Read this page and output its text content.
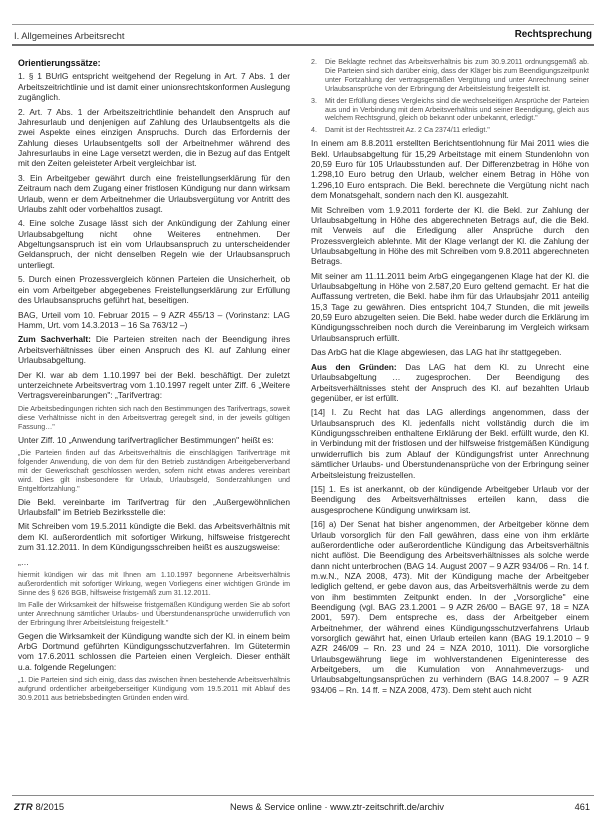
I. Allgemeines Arbeitsrecht	Rechtsprechung
Orientierungssätze:

1. § 1 BUrlG entspricht weitgehend der Regelung in Art. 7 Abs. 1 der Arbeitszeitrichtlinie und ist damit einer unionsrechtskonformen Auslegung zugänglich.

2. Art. 7 Abs. 1 der Arbeitszeitrichtlinie behandelt den Anspruch auf Jahresurlaub und denjenigen auf Zahlung des Urlaubsentgelts als die zwei Aspekte eines einzigen Anspruchs. Durch das Erfordernis der Zahlung dieses Urlaubsentgelts soll der Arbeitnehmer während des Jahresurlaubs in eine Lage versetzt werden, die in Bezug auf das Entgelt mit den Zeiten geleisteter Arbeit vergleichbar ist.

3. Ein Arbeitgeber gewährt durch eine freistellungserklärung für den Zeitraum nach dem Zugang einer fristlosen Kündigung nur dann wirksam Urlaub, wenn er dem Arbeitnehmer die Urlaubsvergütung vor Antritt des Urlaubs zahlt oder vorbehaltlos zusagt.

4. Eine solche Zusage lässt sich der Ankündigung der Zahlung einer Urlaubsabgeltung nicht ohne Weiteres entnehmen. Der Abgeltungsanspruch ist ein vom Urlaubsanspruch zu unterscheidender Geldanspruch, der nicht denselben Regeln wie der Urlaubsanspruch unterliegt.

5. Durch einen Prozessvergleich können Parteien die Unsicherheit, ob ein vom Arbeitgeber abgegebenes Freistellungserklärung zur Erfüllung des Urlaubsanspruchs geführt hat, beseitigen.

BAG, Urteil vom 10. Februar 2015 – 9 AZR 455/13 – (Vorinstanz: LAG Hamm, Urt. vom 14.3.2013 – 16 Sa 763/12 –)

Zum Sachverhalt: Die Parteien streiten nach der Beendigung ihres Arbeitsverhältnisses über einen Anspruch des Kl. auf Zahlung einer Urlaubsabgeltung.

Der Kl. war ab dem 1.10.1997 bei der Bekl. beschäftigt. Der zuletzt unterzeichnete Arbeitsvertrag vom 1.10.1997 regelt unter Ziff. 6 „Weitere Vertragsvereinbarungen": „Tarifvertrag:

Die Arbeitsbedingungen richten sich nach den Bestimmungen des Tarifvertrags, soweit diese Verhältnisse nicht in den Arbeitsvertrag geregelt sind, in der jeweils gültigen Fassung…"

Unter Ziff. 10 „Anwendung tarifvertraglicher Bestimmungen" heißt es:

„Die Parteien finden auf das Arbeitsverhältnis die einschlägigen Tarifverträge mit folgender Anwendung, die von dem für den Betrieb zuständigen Arbeitgeberverband mit der Gewerkschaft geschlossen werden, sofern nicht etwas anderes vereinbart wird. Dies gilt insbesondere für Urlaub, Urlaubsgeld, Sonderzahlungen und Entgeltfortzahlung."

Die Bekl. vereinbarte im Tarifvertrag für den „Außergewöhnlichen Urlaubsfall" im Betrieb Bezirksstelle die:

Mit Schreiben vom 19.5.2011 kündigte die Bekl. das Arbeitsverhältnis mit dem Kl. außerordentlich mit sofortiger Wirkung, hilfsweise fristgerecht zum 31.12.2011. In dem Kündigungsschreiben heißt es auszugsweise:

„…

hiermit kündigen wir das mit Ihnen am 1.10.1997 begonnene Arbeitsverhältnis außerordentlich mit sofortiger Wirkung, wegen Vorliegens einer wichtigen Gründe im Sinne des § 626 BGB, hilfsweise fristgemäß zum 31.12.2011.

Im Falle der Wirksamkeit der hilfsweise fristgemäßen Kündigung werden Sie ab sofort unter Anrechnung sämtlicher Urlaubs- und Überstundenansprüche unwiderruflich von der Erbringung Ihrer Arbeitsleistung freigestellt."

Gegen die Wirksamkeit der Kündigung wandte sich der Kl. in einem beim ArbG Dortmund geführten Kündigungsschutzverfahren. Im Gütetermin vom 17.6.2011 schlossen die Parteien einen Vergleich. Dieser enthält u.a. folgende Regelungen:

„1. Die Parteien sind sich einig, dass das zwischen ihnen bestehende Arbeitsverhältnis aufgrund ordentlicher arbeitgeberseitiger Kündigung vom 19.5.2011 mit Ablauf des 30.9.2011 aus betriebsbedingten Gründen enden wird.

2.	Die Beklagte rechnet das Arbeitsverhältnis bis zum 30.9.2011 ordnungsgemäß ab. Die Parteien sind sich darüber einig, dass der Kläger bis zum Beendigungszeitpunkt unter Fortzahlung der vertragsgemäßen Vergütung und unter Anrechnung seiner Urlaubsansprüche von der Erbringung der Arbeitsleistung freigestellt ist.

3.	Mit der Erfüllung dieses Vergleichs sind die wechselseitigen Ansprüche der Parteien aus und in Verbindung mit dem Arbeitsverhältnis und seiner Beendigung, gleich aus welchem Rechtsgrund, gleich ob bekannt oder unbekannt, erledigt."

4.	Damit ist der Rechtsstreit Az. 2 Ca 2374/11 erledigt."

In einem am 8.8.2011 erstellten Berichtsentlohnung für Mai 2011 wies die Bekl. Urlaubsabgeltung für 15,29 Arbeitstage mit einem Stundenlohn von 20,59 Euro für 105 Urlaubsstunden auf. Der Differenzbetrag in Höhe von 1.298,10 Euro betrug den Urlaub, welcher einem Betrag in Höhe von 1.296,10 Euro entsprach. Die Bekl. berechnete die Vergütung nicht nach dem Monatsgehalt, sondern nach den Kl. ausgezahlt.

Mit Schreiben vom 1.9.2011 forderte der Kl. die Bekl. zur Zahlung der Urlaubsabgeltung in Höhe des abgerechneten Betrags auf, die die Bekl. mit Verweis auf die Erledigung aller Ansprüche durch den Prozessvergleich ablehnte. Mit der Klage verlangt der Kl. die Zahlung der Urlaubsabgeltung in Höhe des mit Schreiben vom 9.8.2011 abgerechneten Betrags.

Mit seiner am 11.11.2011 beim ArbG eingegangenen Klage hat der Kl. die Urlaubsabgeltung in Höhe von 2.587,20 Euro geltend gemacht. Er hat die Auffassung vertreten, die Bekl. habe ihm für das Urlaubsjahr 2011 anteilig 15,3 Tage zu gewähren. Dies entspricht 104,7 Stunden, die mit jeweils 20,59 Euro abzugelten seien. Die Bekl. habe weder durch die Erklärung im Kündigungsschreiben noch durch die Vereinbarung im Vergleich wirksam Urlaubsanspruch erfüllt.

Das ArbG hat die Klage abgewiesen, das LAG hat ihr stattgegeben.

Aus den Gründen: Das LAG hat dem Kl. zu Unrecht eine Urlaubsabgeltung … zugesprochen. Der Beendigung des Arbeitsverhältnisses steht der Anspruch des Kl. auf bezahlten Urlaub gegenüber, er ist erfüllt.

[14] I. Zu Recht hat das LAG allerdings angenommen, dass der Urlaubsanspruch des Kl. jedenfalls nicht vollständig durch die im Kündigungsschreiben enthaltene Erklärung der Bekl. erfüllt wurde, den Kl. in Verbindung mit der fristlosen und der hilfsweise fristgemäßen Kündigung unwiderruflich bis zum Ablauf der Kündigungsfrist unter Anrechnung sämtlicher Urlaubs- und Überstundenansprüche von der Erbringung seiner Arbeitsleistung freizustellen.

[15] 1. Es ist anerkannt, ob der kündigende Arbeitgeber Urlaub vor der Beendigung des Arbeitsverhältnisses erteilen kann, dass die ausgesprochene Kündigung unwirksam ist.

[16] a) Der Senat hat bisher angenommen, der Arbeitgeber könne dem Urlaub vorsorglich für den Fall gewähren, dass eine von ihm erklärte außerordentliche oder außerordentliche Kündigung das Arbeitsverhältnis nicht auflöst. Die Beendigung des Arbeitsverhältnisses als solche werde dann nicht unterbrochen (BAG 14. August 2007 – 9 AZR 934/06 – Rn. 14 f. m.w.N., NZA 2008, 473). Mit der Kündigung mache der Arbeitgeber lediglich geltend, er gebe davon aus, das Arbeitsverhältnis werde zu dem von ihm bestimmten Zeitpunkt enden. In der „Vorsorgliche" eine Beendigung (vgl. BAG 23.1.2001 – 9 AZR 26/00 – BAGE 97, 18 = NZA 2001, 597). Dem entspreche es, dass der Arbeitgeber einem Arbeitnehmer, der während eines Kündigungsschutzverfahrens Urlaub vorsorglich gewährt hat, einen Urlaub erteilen kann (BAG 19.1.2010 – 9 AZR 246/09 – Rn. 23 und 24 = NZA 2010, 1011). Die vorsorgliche Urlaubsgewährung liege im wohlverstandenen Eigeninteresse des Arbeitgebers, um die Kumulation von Annahmeverzugs- und Urlaubsabgeltungsansprüchen zu verhindern (BAG 14.8.2007 – 9 AZR 934/06 – Rn. 14 ff. = NZA 2008, 473). Dem steht auch nicht

ZTR 8/2015	News & Service online · www.ztr-zeitschrift.de/archiv	461
